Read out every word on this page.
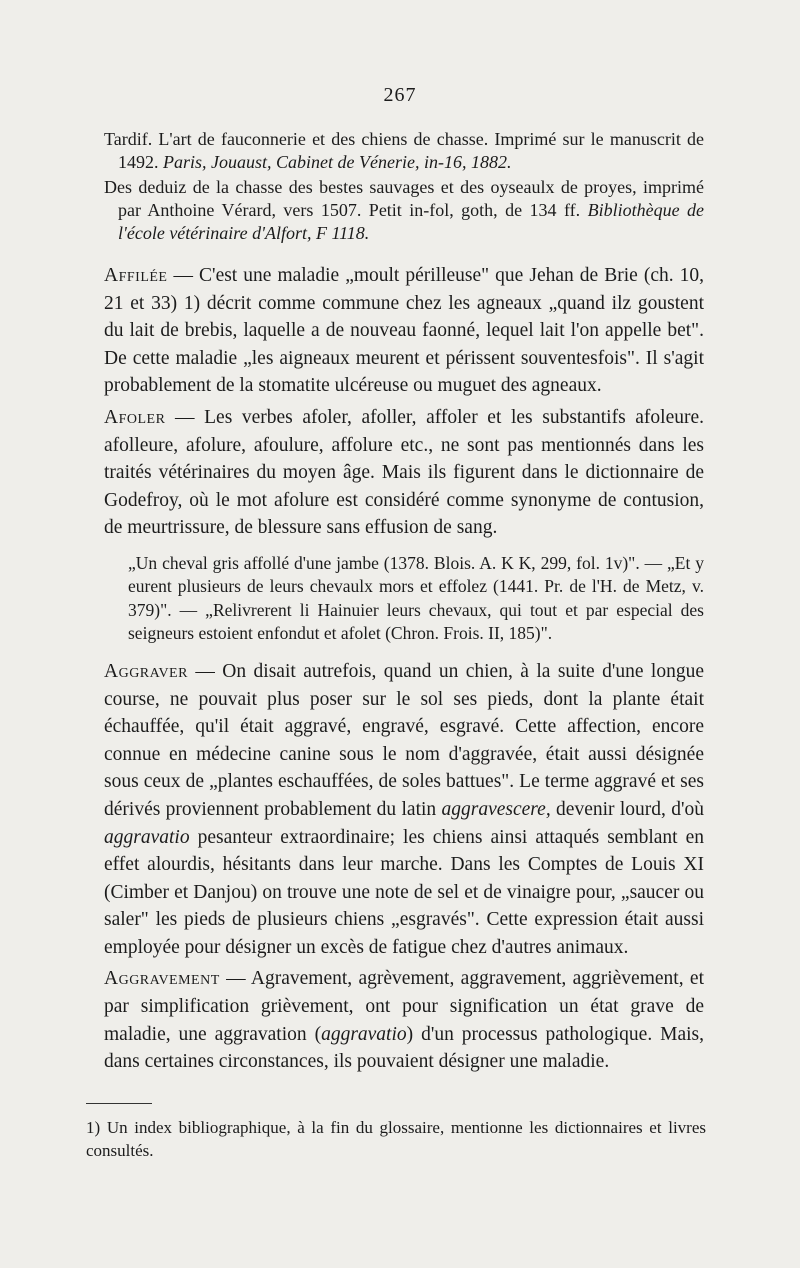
267

Tardif. L'art de fauconnerie et des chiens de chasse. Imprimé sur le manuscrit de 1492. Paris, Jouaust, Cabinet de Vénerie, in-16, 1882.

Des deduiz de la chasse des bestes sauvages et des oyseaulx de proyes, imprimé par Anthoine Vérard, vers 1507. Petit in-fol, goth, de 134 ff. Bibliothèque de l'école vétérinaire d'Alfort, F 1118.

Affilée — C'est une maladie „moult périlleuse" que Jehan de Brie (ch. 10, 21 et 33) 1) décrit comme commune chez les agneaux „quand ilz goustent du lait de brebis, laquelle a de nouveau faonné, lequel lait l'on appelle bet". De cette maladie „les aigneaux meurent et périssent souventesfois". Il s'agit probablement de la stomatite ulcéreuse ou muguet des agneaux.

Afoler — Les verbes afoler, afoller, affoler et les substantifs afoleure. afolleure, afolure, afoulure, affolure etc., ne sont pas mentionnés dans les traités vétérinaires du moyen âge. Mais ils figurent dans le dictionnaire de Godefroy, où le mot afolure est considéré comme synonyme de contusion, de meurtrissure, de blessure sans effusion de sang.

„Un cheval gris affollé d'une jambe (1378. Blois. A. K K, 299, fol. 1v)". — „Et y eurent plusieurs de leurs chevaulx mors et effolez (1441. Pr. de l'H. de Metz, v. 379)". — „Relivrerent li Hainuier leurs chevaux, qui tout et par especial des seigneurs estoient enfondut et afolet (Chron. Frois. II, 185)".

Aggraver — On disait autrefois, quand un chien, à la suite d'une longue course, ne pouvait plus poser sur le sol ses pieds, dont la plante était échauffée, qu'il était aggravé, engravé, esgravé. Cette affection, encore connue en médecine canine sous le nom d'aggravée, était aussi désignée sous ceux de „plantes eschauffées, de soles battues". Le terme aggravé et ses dérivés proviennent probablement du latin aggravescere, devenir lourd, d'où aggravatio pesanteur extraordinaire; les chiens ainsi attaqués semblant en effet alourdis, hésitants dans leur marche. Dans les Comptes de Louis XI (Cimber et Danjou) on trouve une note de sel et de vinaigre pour, „saucer ou saler" les pieds de plusieurs chiens „esgravés". Cette expression était aussi employée pour désigner un excès de fatigue chez d'autres animaux.

Aggravement — Agravement, agrèvement, aggravement, aggrièvement, et par simplification grièvement, ont pour signification un état grave de maladie, une aggravation (aggravatio) d'un processus pathologique. Mais, dans certaines circonstances, ils pouvaient désigner une maladie.

1) Un index bibliographique, à la fin du glossaire, mentionne les dictionnaires et livres consultés.
